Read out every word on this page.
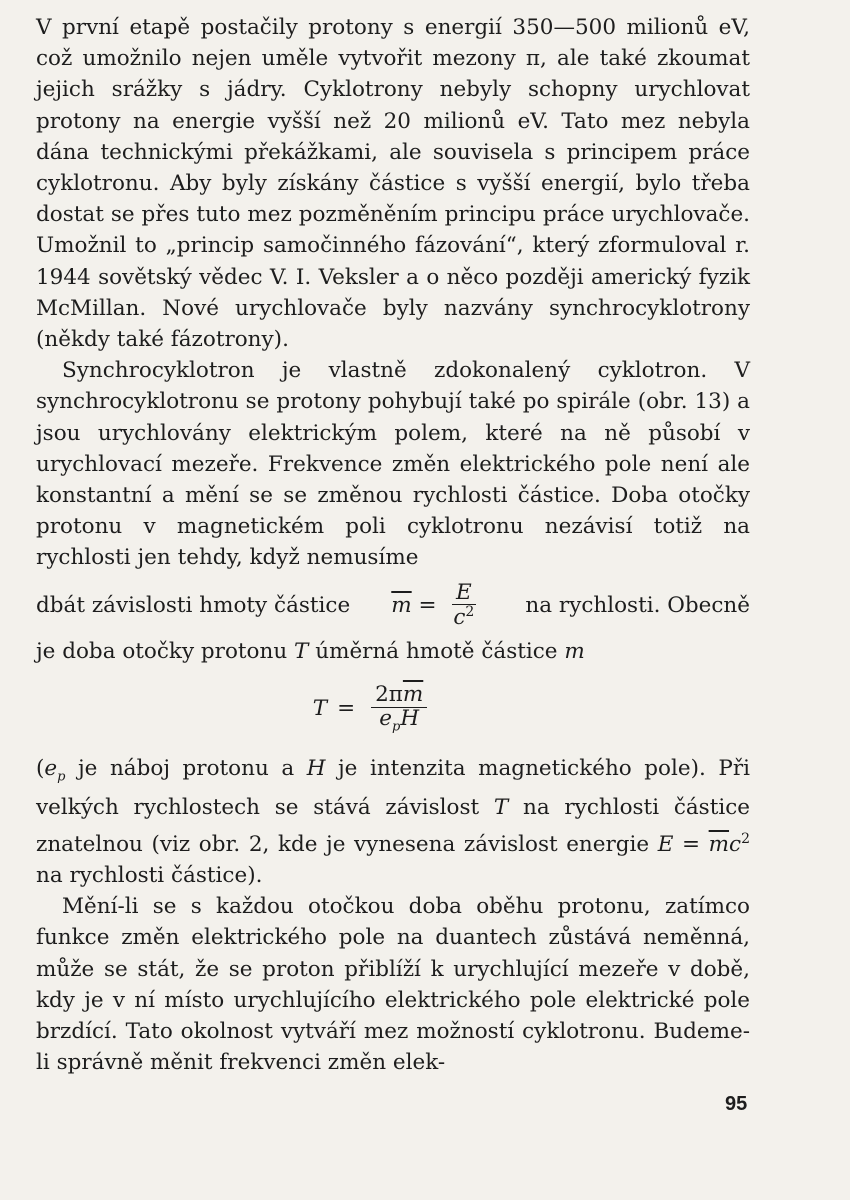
V první etapě postačily protony s energií 350—500 milionů eV, což umožnilo nejen uměle vytvořit mezony π, ale také zkoumat jejich srážky s jádry. Cyklotrony nebyly schopny urychlovat protony na energie vyšší než 20 milionů eV. Tato mez nebyla dána technickými překážkami, ale souvisela s principem práce cyklotronu. Aby byly získány částice s vyšší energií, bylo třeba dostat se přes tuto mez pozměněním principu práce urychlovače. Umožnil to „princip samočinného fázování“, který zformuloval r. 1944 sovětský vědec V. I. Veksler a o něco později americký fyzik McMillan. Nové urychlovače byly nazvány synchrocyklotrony (někdy také fázotrony).

Synchrocyklotron je vlastně zdokonalený cyklotron. V synchrocyklotronu se protony pohybují také po spirále (obr. 13) a jsou urychlovány elektrickým polem, které na ně působí v urychlovací mezeře. Frekvence změn elektrického pole není ale konstantní a mění se se změnou rychlosti částice. Doba otočky protonu v magnetickém poli cyklotronu nezávisí totiž na rychlosti jen tehdy, když nemusíme

dbát závislosti hmoty částice $\overline{m} = \frac{E}{c^2}$ na rychlosti. Obecně

je doba otočky protonu T úměrná hmotě částice m

$T = \frac{2\pi\overline{m}}{e_pH}$

($e_p$ je náboj protonu a H je intenzita magnetického pole). Při velkých rychlostech se stává závislost T na rychlosti částice znatelnou (viz obr. 2, kde je vynesena závislost energie $E = \overline{m}c^2$ na rychlosti částice).

Mění-li se s každou otočkou doba oběhu protonu, zatímco funkce změn elektrického pole na duantech zůstává neměnná, může se stát, že se proton přiblíží k urychlující mezeře v době, kdy je v ní místo urychlujícího elektrického pole elektrické pole brzdící. Tato okolnost vytváří mez možností cyklotronu. Budeme-li správně měnit frekvenci změn elek-

95
